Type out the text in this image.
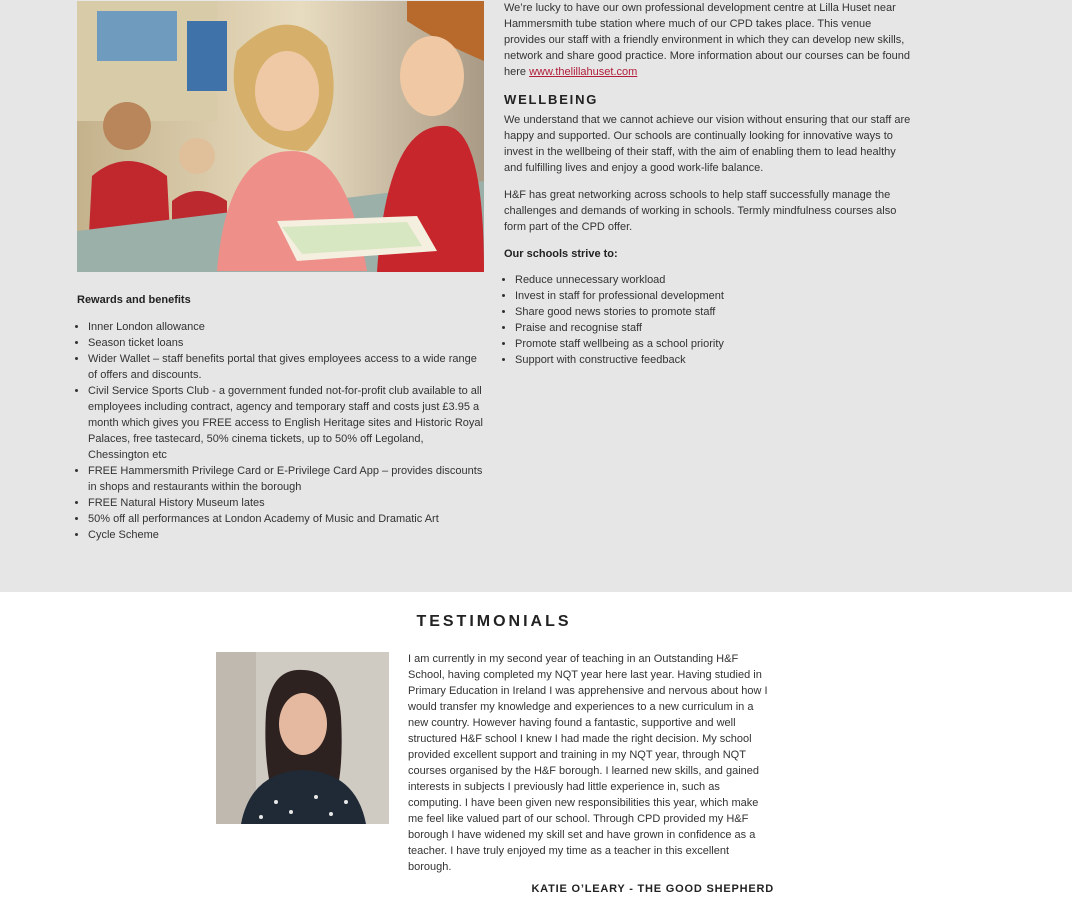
We’re lucky to have our own professional development centre at Lilla Huset near Hammersmith tube station where much of our CPD takes place. This venue provides our staff with a friendly environment in which they can develop new skills, network and share good practice. More information about our courses can be found here www.thelillahuset.com

WELLBEING

We understand that we cannot achieve our vision without ensuring that our staff are happy and supported. Our schools are continually looking for innovative ways to invest in the wellbeing of their staff, with the aim of enabling them to lead healthy and fulfilling lives and enjoy a good work-life balance.

H&F has great networking across schools to help staff successfully manage the challenges and demands of working in schools. Termly mindfulness courses also form part of the CPD offer.

Our schools strive to:

• Reduce unnecessary workload
• Invest in staff for professional development
• Share good news stories to promote staff
• Praise and recognise staff
• Promote staff wellbeing as a school priority
• Support with constructive feedback

Rewards and benefits

• Inner London allowance
• Season ticket loans
• Wider Wallet – staff benefits portal that gives employees access to a wide range of offers and discounts.
• Civil Service Sports Club - a government funded not-for-profit club available to all employees including contract, agency and temporary staff and costs just £3.95 a month which gives you FREE access to English Heritage sites and Historic Royal Palaces, free tastecard, 50% cinema tickets, up to 50% off Legoland, Chessington etc
• FREE Hammersmith Privilege Card or E-Privilege Card App – provides discounts in shops and restaurants within the borough
• FREE Natural History Museum lates
• 50% off all performances at London Academy of Music and Dramatic Art
• Cycle Scheme
TESTIMONIALS

I am currently in my second year of teaching in an Outstanding H&F School, having completed my NQT year here last year. Having studied in Primary Education in Ireland I was apprehensive and nervous about how I would transfer my knowledge and experiences to a new curriculum in a new country. However having found a fantastic, supportive and well structured H&F school I knew I had made the right decision. My school provided excellent support and training in my NQT year, through NQT courses organised by the H&F borough. I learned new skills, and gained interests in subjects I previously had little experience in, such as computing. I have been given new responsibilities this year, which make me feel like valued part of our school. Through CPD provided my H&F borough I have widened my skill set and have grown in confidence as a teacher. I have truly enjoyed my time as a teacher in this excellent borough.

KATIE O’LEARY - THE GOOD SHEPHERD
